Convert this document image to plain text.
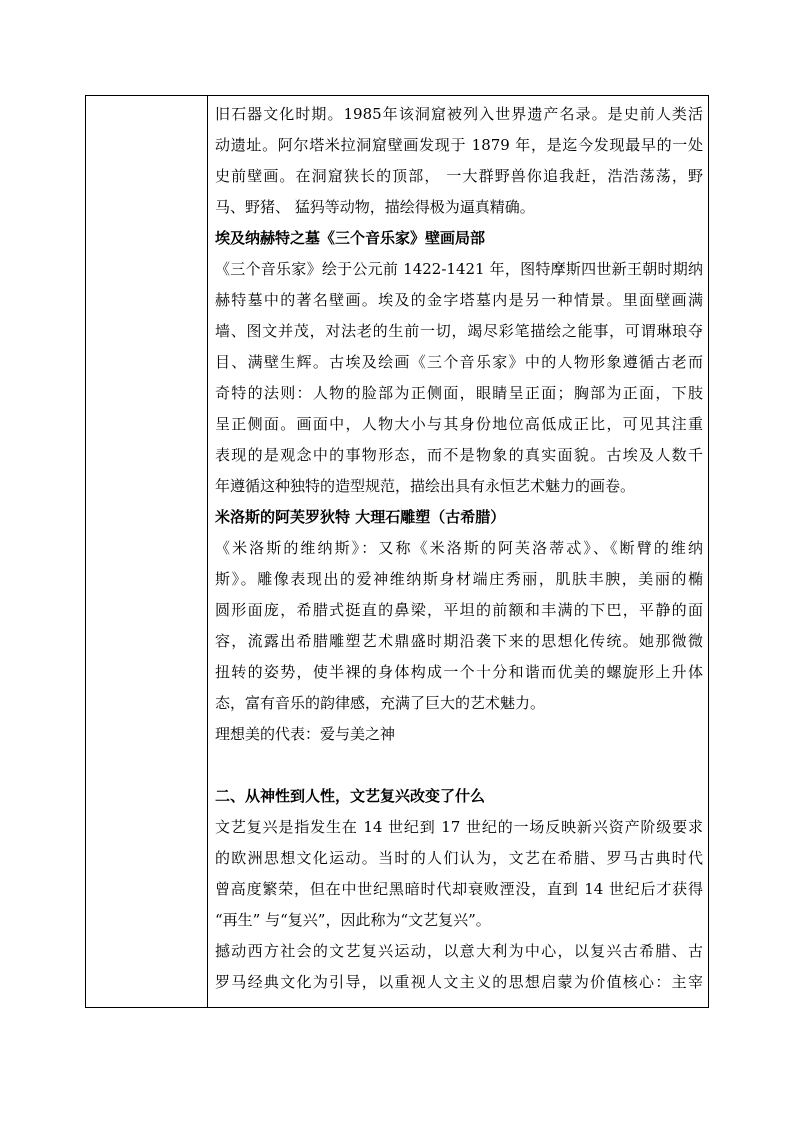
旧石器文化时期。1985年该洞窟被列入世界遗产名录。是史前人类活

动遗址。阿尔塔米拉洞窟壁画发现于 1879 年，是迄今发现最早的一处

史前壁画。在洞窟狭长的顶部， 一大群野兽你追我赶，浩浩荡荡，野

马、野猪、 猛犸等动物，描绘得极为逼真精确。

埃及纳赫特之墓《三个音乐家》壁画局部

《三个音乐家》绘于公元前 1422-1421 年，图特摩斯四世新王朝时期纳

赫特墓中的著名壁画。埃及的金字塔墓内是另一种情景。里面壁画满

墙、图文并茂，对法老的生前一切，竭尽彩笔描绘之能事，可谓琳琅夺

目、满壁生辉。古埃及绘画《三个音乐家》中的人物形象遵循古老而

奇特的法则：人物的脸部为正侧面，眼睛呈正面；胸部为正面，下肢

呈正侧面。画面中，人物大小与其身份地位高低成正比，可见其注重

表现的是观念中的事物形态，而不是物象的真实面貌。古埃及人数千

年遵循这种独特的造型规范，描绘出具有永恒艺术魅力的画卷。

米洛斯的阿芙罗狄特 大理石雕塑（古希腊）

《米洛斯的维纳斯》：又称《米洛斯的阿芙洛蒂忒》、《断臂的维纳

斯》。雕像表现出的爱神维纳斯身材端庄秀丽，肌肤丰腴，美丽的椭

圆形面庞，希腊式挺直的鼻梁，平坦的前额和丰满的下巴，平静的面

容，流露出希腊雕塑艺术鼎盛时期沿袭下来的思想化传统。她那微微

扭转的姿势，使半裸的身体构成一个十分和谐而优美的螺旋形上升体

态，富有音乐的韵律感，充满了巨大的艺术魅力。

理想美的代表：爱与美之神

二、从神性到人性，文艺复兴改变了什么

文艺复兴是指发生在 14 世纪到 17 世纪的一场反映新兴资产阶级要求

的欧洲思想文化运动。当时的人们认为，文艺在希腊、罗马古典时代

曾高度繁荣，但在中世纪黑暗时代却衰败湮没，直到 14 世纪后才获得

“再生” 与“复兴”，因此称为“文艺复兴”。

撼动西方社会的文艺复兴运动，以意大利为中心，以复兴古希腊、古

罗马经典文化为引导，以重视人文主义的思想启蒙为价值核心：主宰
